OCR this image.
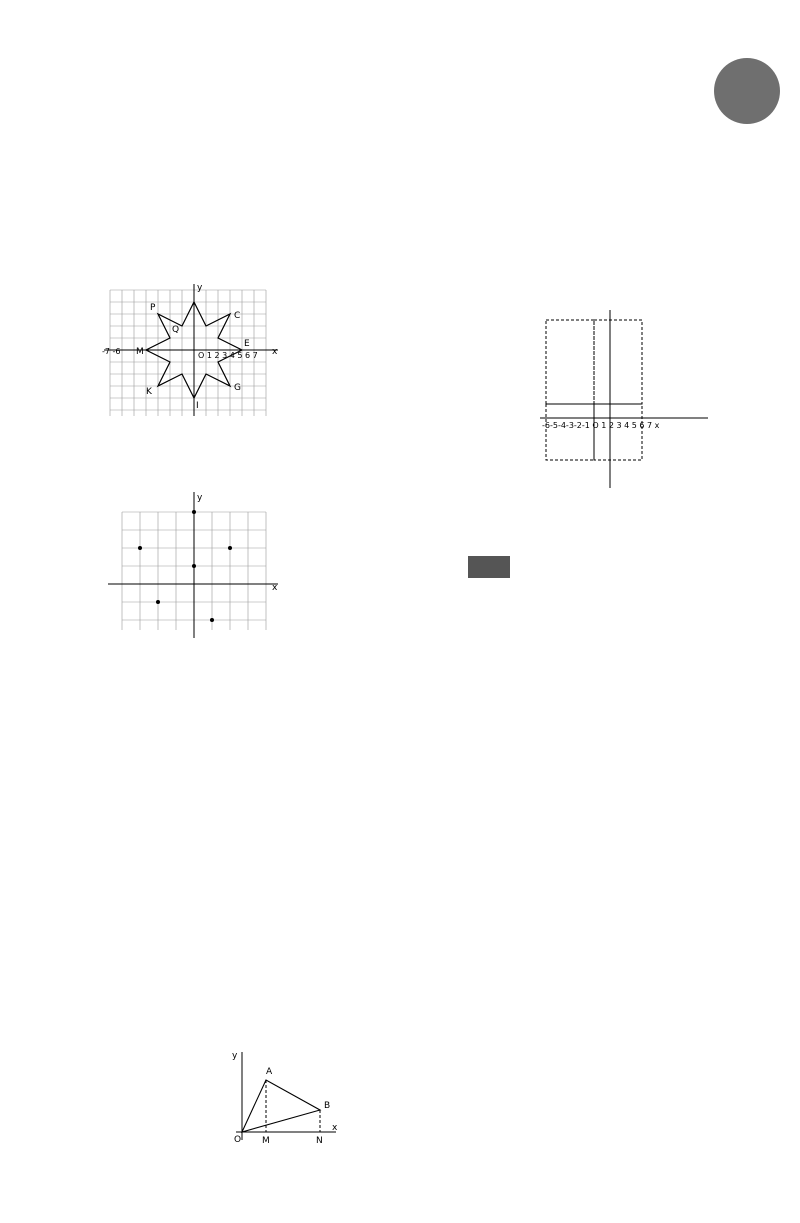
x
y
P
C
Q
M
E
K	G
I
-7 -6	O 1 2 3 4 5 6 7
y
x
O
A
B
M	N
x
y
-6-5-4-3-2-1 O 1 2 3 4 5 6 7 x
